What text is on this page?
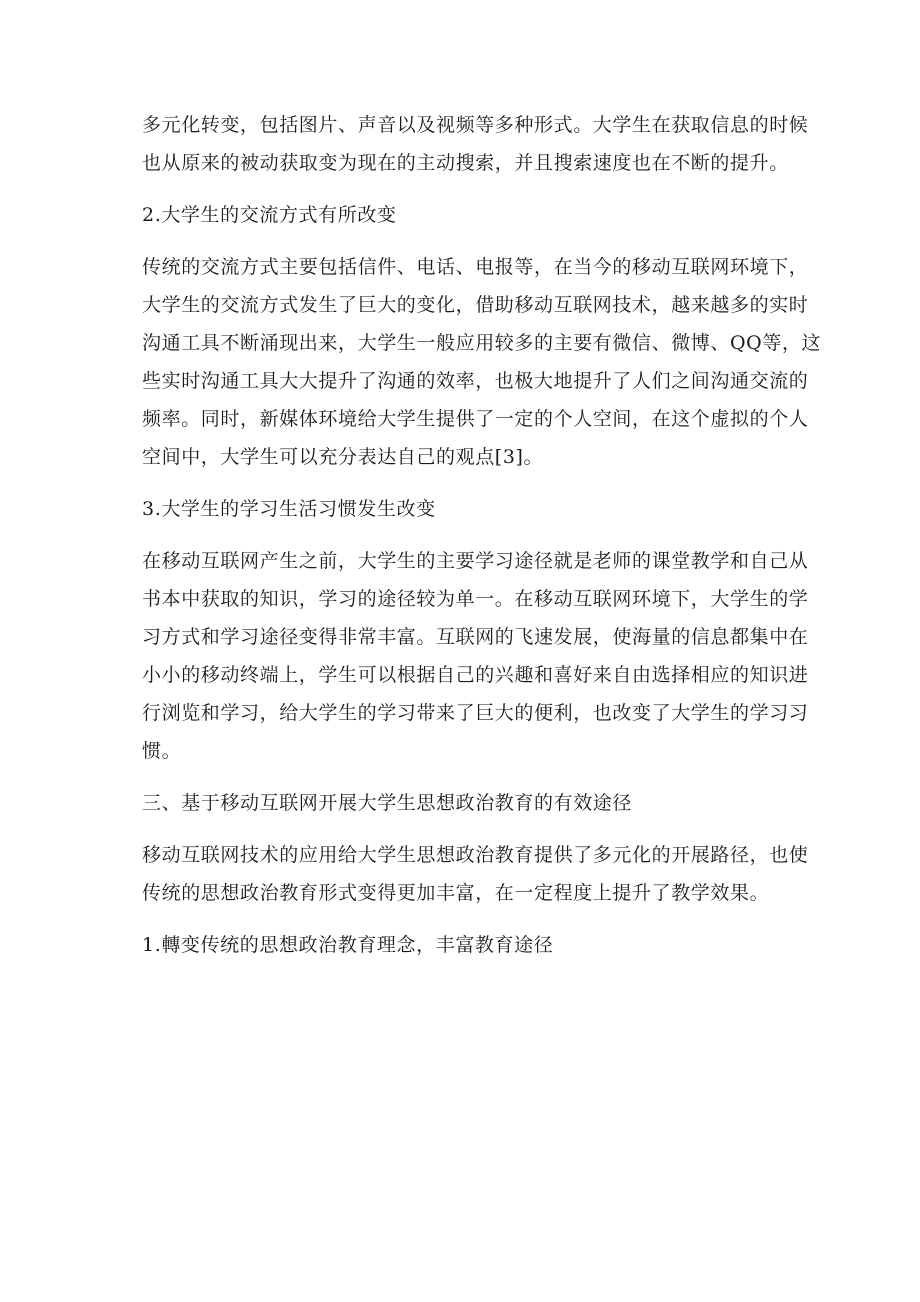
多元化转变，包括图片、声音以及视频等多种形式。大学生在获取信息的时候
也从原来的被动获取变为现在的主动搜索，并且搜索速度也在不断的提升。
2.大学生的交流方式有所改变
传统的交流方式主要包括信件、电话、电报等，在当今的移动互联网环境下，
大学生的交流方式发生了巨大的变化，借助移动互联网技术，越来越多的实时
沟通工具不断涌现出来，大学生一般应用较多的主要有微信、微博、QQ等，这
些实时沟通工具大大提升了沟通的效率，也极大地提升了人们之间沟通交流的
频率。同时，新媒体环境给大学生提供了一定的个人空间，在这个虚拟的个人
空间中，大学生可以充分表达自己的观点[3]。
3.大学生的学习生活习惯发生改变
在移动互联网产生之前，大学生的主要学习途径就是老师的课堂教学和自己从
书本中获取的知识，学习的途径较为单一。在移动互联网环境下，大学生的学
习方式和学习途径变得非常丰富。互联网的飞速发展，使海量的信息都集中在
小小的移动终端上，学生可以根据自己的兴趣和喜好来自由选择相应的知识进
行浏览和学习，给大学生的学习带来了巨大的便利，也改变了大学生的学习习
惯。
三、基于移动互联网开展大学生思想政治教育的有效途径
移动互联网技术的应用给大学生思想政治教育提供了多元化的开展路径，也使
传统的思想政治教育形式变得更加丰富，在一定程度上提升了教学效果。
1.轉变传统的思想政治教育理念，丰富教育途径
